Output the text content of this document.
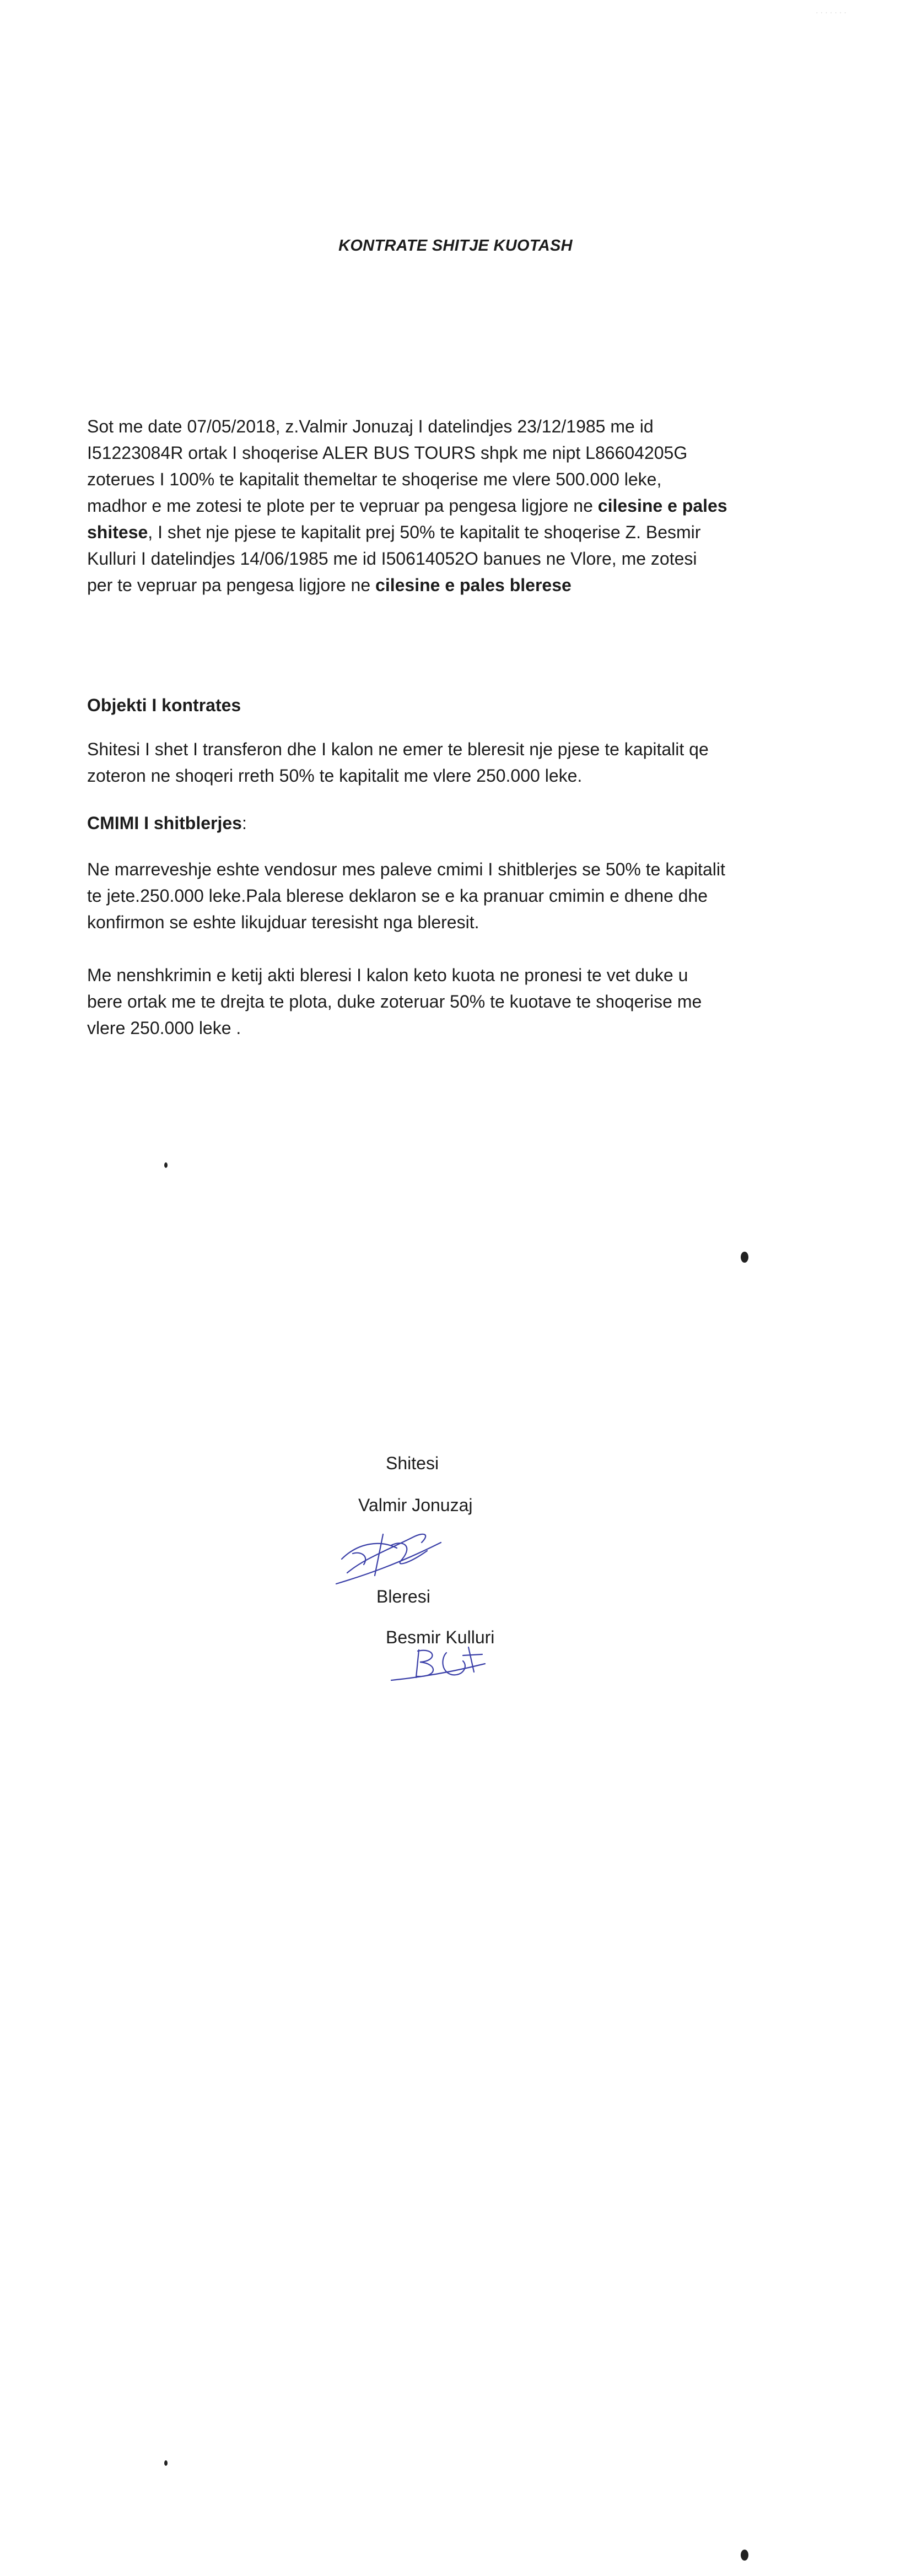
· · · · · · ·
KONTRATE SHITJE KUOTASH
Sot me date 07/05/2018, z.Valmir Jonuzaj I datelindjes 23/12/1985 me id
I51223084R ortak I shoqerise ALER BUS TOURS shpk me nipt L86604205G
zoterues I 100% te kapitalit themeltar te shoqerise me vlere 500.000 leke,
madhor e me zotesi te plote per te vepruar pa pengesa ligjore ne cilesine e pales
shitese, I shet nje pjese te kapitalit prej 50% te kapitalit te shoqerise Z. Besmir
Kulluri I datelindjes 14/06/1985 me id I50614052O banues ne Vlore, me zotesi
per te vepruar pa pengesa ligjore ne cilesine e pales blerese
Objekti I kontrates
Shitesi I shet I transferon dhe I kalon ne emer te bleresit nje pjese te kapitalit qe
zoteron ne shoqeri rreth 50% te kapitalit me vlere 250.000 leke.
CMIMI I shitblerjes:
Ne marreveshje eshte vendosur mes paleve cmimi I shitblerjes se 50% te kapitalit
te jete.250.000 leke.Pala blerese deklaron se e ka pranuar cmimin e dhene dhe
konfirmon se eshte likujduar teresisht nga bleresit.
Me nenshkrimin e ketij akti bleresi I kalon keto kuota ne pronesi te vet duke u
bere ortak me te drejta te plota, duke zoteruar 50% te kuotave te shoqerise me
vlere 250.000 leke .
Shitesi
Valmir Jonuzaj
Bleresi
Besmir Kulluri
